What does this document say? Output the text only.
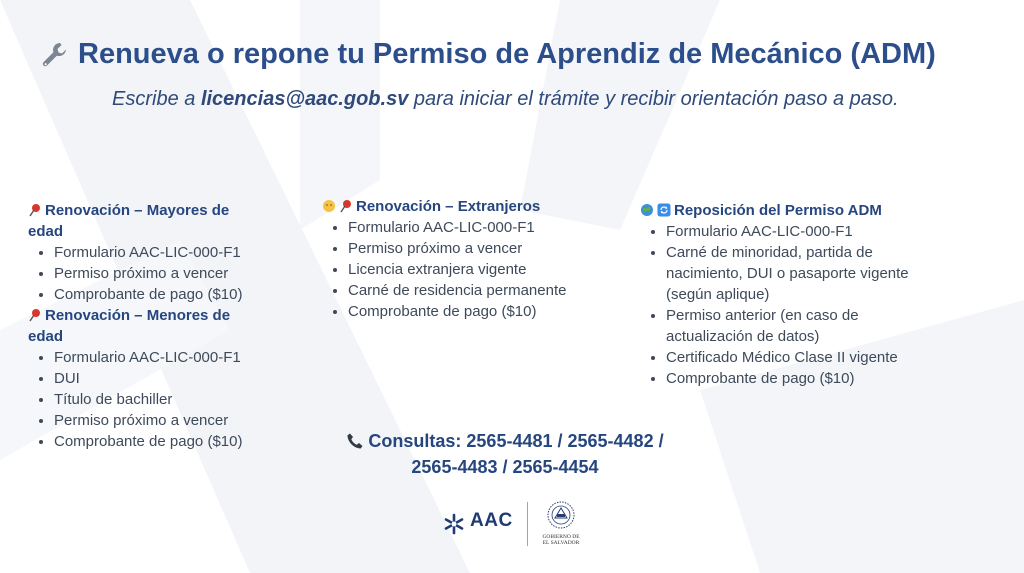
Renueva o repone tu Permiso de Aprendiz de Mecánico (ADM)
Escribe a licencias@aac.gob.sv para iniciar el trámite y recibir orientación paso a paso.
Renovación – Mayores de edad
• Formulario AAC-LIC-000-F1
• Permiso próximo a vencer
• Comprobante de pago ($10)
Renovación – Menores de edad
• Formulario AAC-LIC-000-F1
• DUI
• Título de bachiller
• Permiso próximo a vencer
• Comprobante de pago ($10)
Renovación – Extranjeros
• Formulario AAC-LIC-000-F1
• Permiso próximo a vencer
• Licencia extranjera vigente
• Carné de residencia permanente
• Comprobante de pago ($10)
Reposición del Permiso ADM
• Formulario AAC-LIC-000-F1
• Carné de minoridad, partida de nacimiento, DUI o pasaporte vigente (según aplique)
• Permiso anterior (en caso de actualización de datos)
• Certificado Médico Clase II vigente
• Comprobante de pago ($10)
Consultas: 2565-4481 / 2565-4482 /
2565-4483 / 2565-4454
AAC
GOBIERNO DE
EL SALVADOR
